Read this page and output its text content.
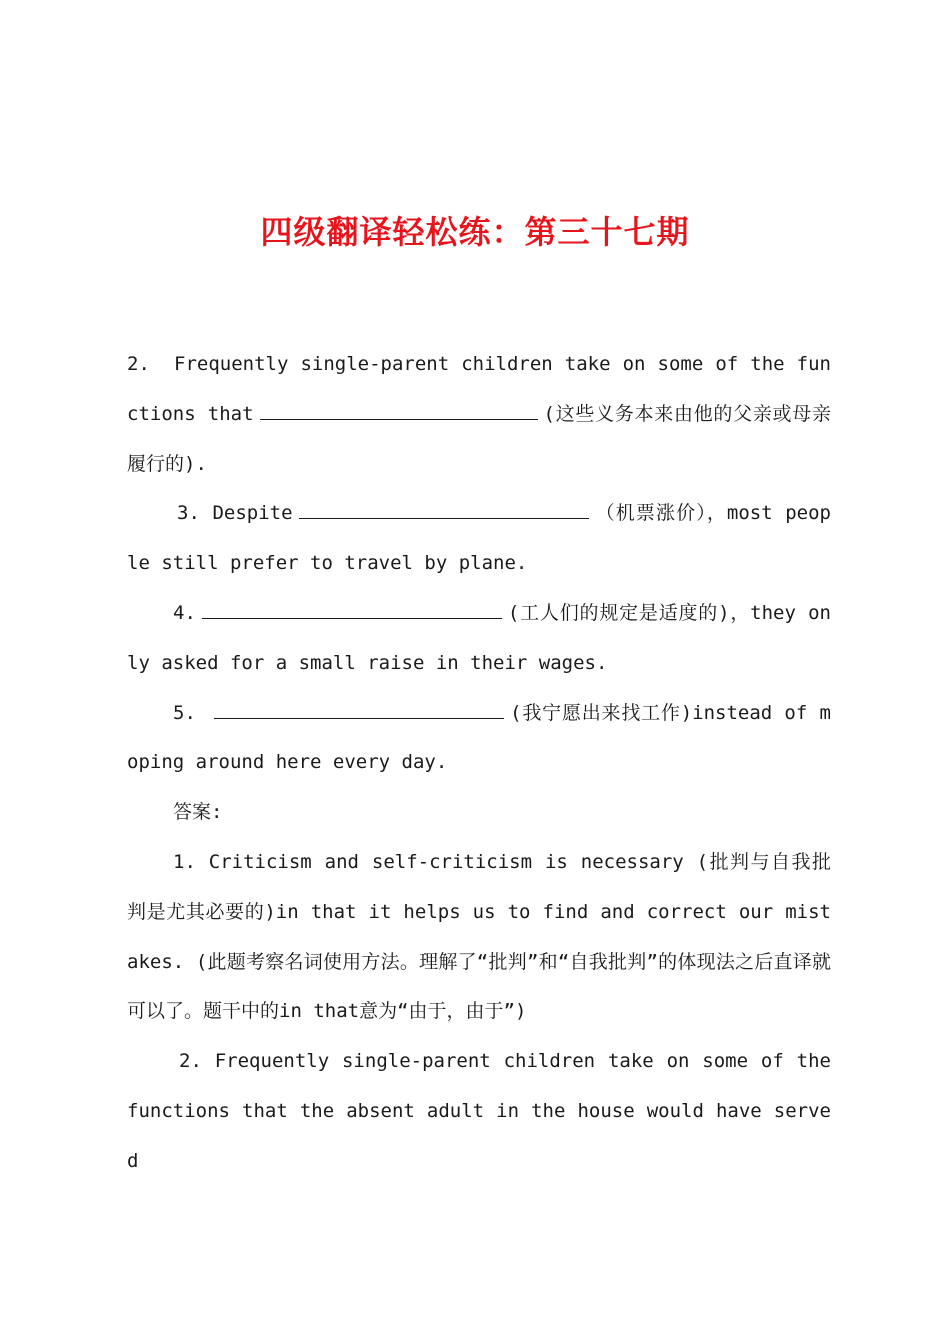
四级翻译轻松练：第三十七期

2. Frequently single-parent children take on some of the functions that	(这些义务本来由他的父亲或母亲履行的).

3. Despite	（机票涨价），most people still prefer to travel by plane.

4.	(工人们的规定是适度的)，they only asked for a small raise in their wages.

5.	(我宁愿出来找工作)instead of moping around here every day.

答案:

1. Criticism and self-criticism is necessary (批判与自我批判是尤其必要的)in that it helps us to find and correct our mistakes. (此题考察名词使用方法。理解了“批判”和“自我批判”的体现法之后直译就可以了。题干中的in that意为“由于，由于”)

2. Frequently single-parent children take on some of the functions that the absent adult in the house would have served
